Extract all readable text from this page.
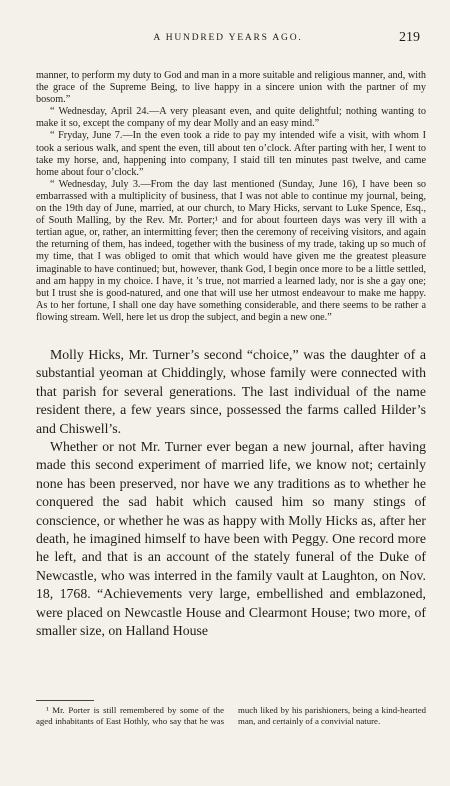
A HUNDRED YEARS AGO.	219

manner, to perform my duty to God and man in a more suitable and religious manner, and, with the grace of the Supreme Being, to live happy in a sincere union with the partner of my bosom.”

“ Wednesday, April 24.—A very pleasant even, and quite delightful; nothing wanting to make it so, except the company of my dear Molly and an easy mind.”

“ Fryday, June 7.—In the even took a ride to pay my intended wife a visit, with whom I took a serious walk, and spent the even, till about ten o’clock. After parting with her, I went to take my horse, and, happening into company, I staid till ten minutes past twelve, and came home about four o’clock.”

“ Wednesday, July 3.—From the day last mentioned (Sunday, June 16), I have been so embarrassed with a multiplicity of business, that I was not able to continue my journal, being, on the 19th day of June, married, at our church, to Mary Hicks, servant to Luke Spence, Esq., of South Malling, by the Rev. Mr. Porter;¹ and for about fourteen days was very ill with a tertian ague, or, rather, an intermitting fever; then the ceremony of receiving visitors, and again the returning of them, has indeed, together with the business of my trade, taking up so much of my time, that I was obliged to omit that which would have given me the greatest pleasure imaginable to have continued; but, however, thank God, I begin once more to be a little settled, and am happy in my choice. I have, it ’s true, not married a learned lady, nor is she a gay one; but I trust she is good-natured, and one that will use her utmost endeavour to make me happy. As to her fortune, I shall one day have something considerable, and there seems to be rather a flowing stream. Well, here let us drop the subject, and begin a new one.”

Molly Hicks, Mr. Turner’s second “choice,” was the daughter of a substantial yeoman at Chiddingly, whose family were connected with that parish for several generations. The last individual of the name resident there, a few years since, possessed the farms called Hilder’s and Chiswell’s.

Whether or not Mr. Turner ever began a new journal, after having made this second experiment of married life, we know not; certainly none has been preserved, nor have we any traditions as to whether he conquered the sad habit which caused him so many stings of conscience, or whether he was as happy with Molly Hicks as, after her death, he imagined himself to have been with Peggy. One record more he left, and that is an account of the stately funeral of the Duke of Newcastle, who was interred in the family vault at Laughton, on Nov. 18, 1768. “Achievements very large, embellished and emblazoned, were placed on Newcastle House and Clearmont House; two more, of smaller size, on Halland House

¹ Mr. Porter is still remembered by some of the aged inhabitants of East Hothly, who say that he was much liked by his parishioners, being a kind-hearted man, and certainly of a convivial nature.
